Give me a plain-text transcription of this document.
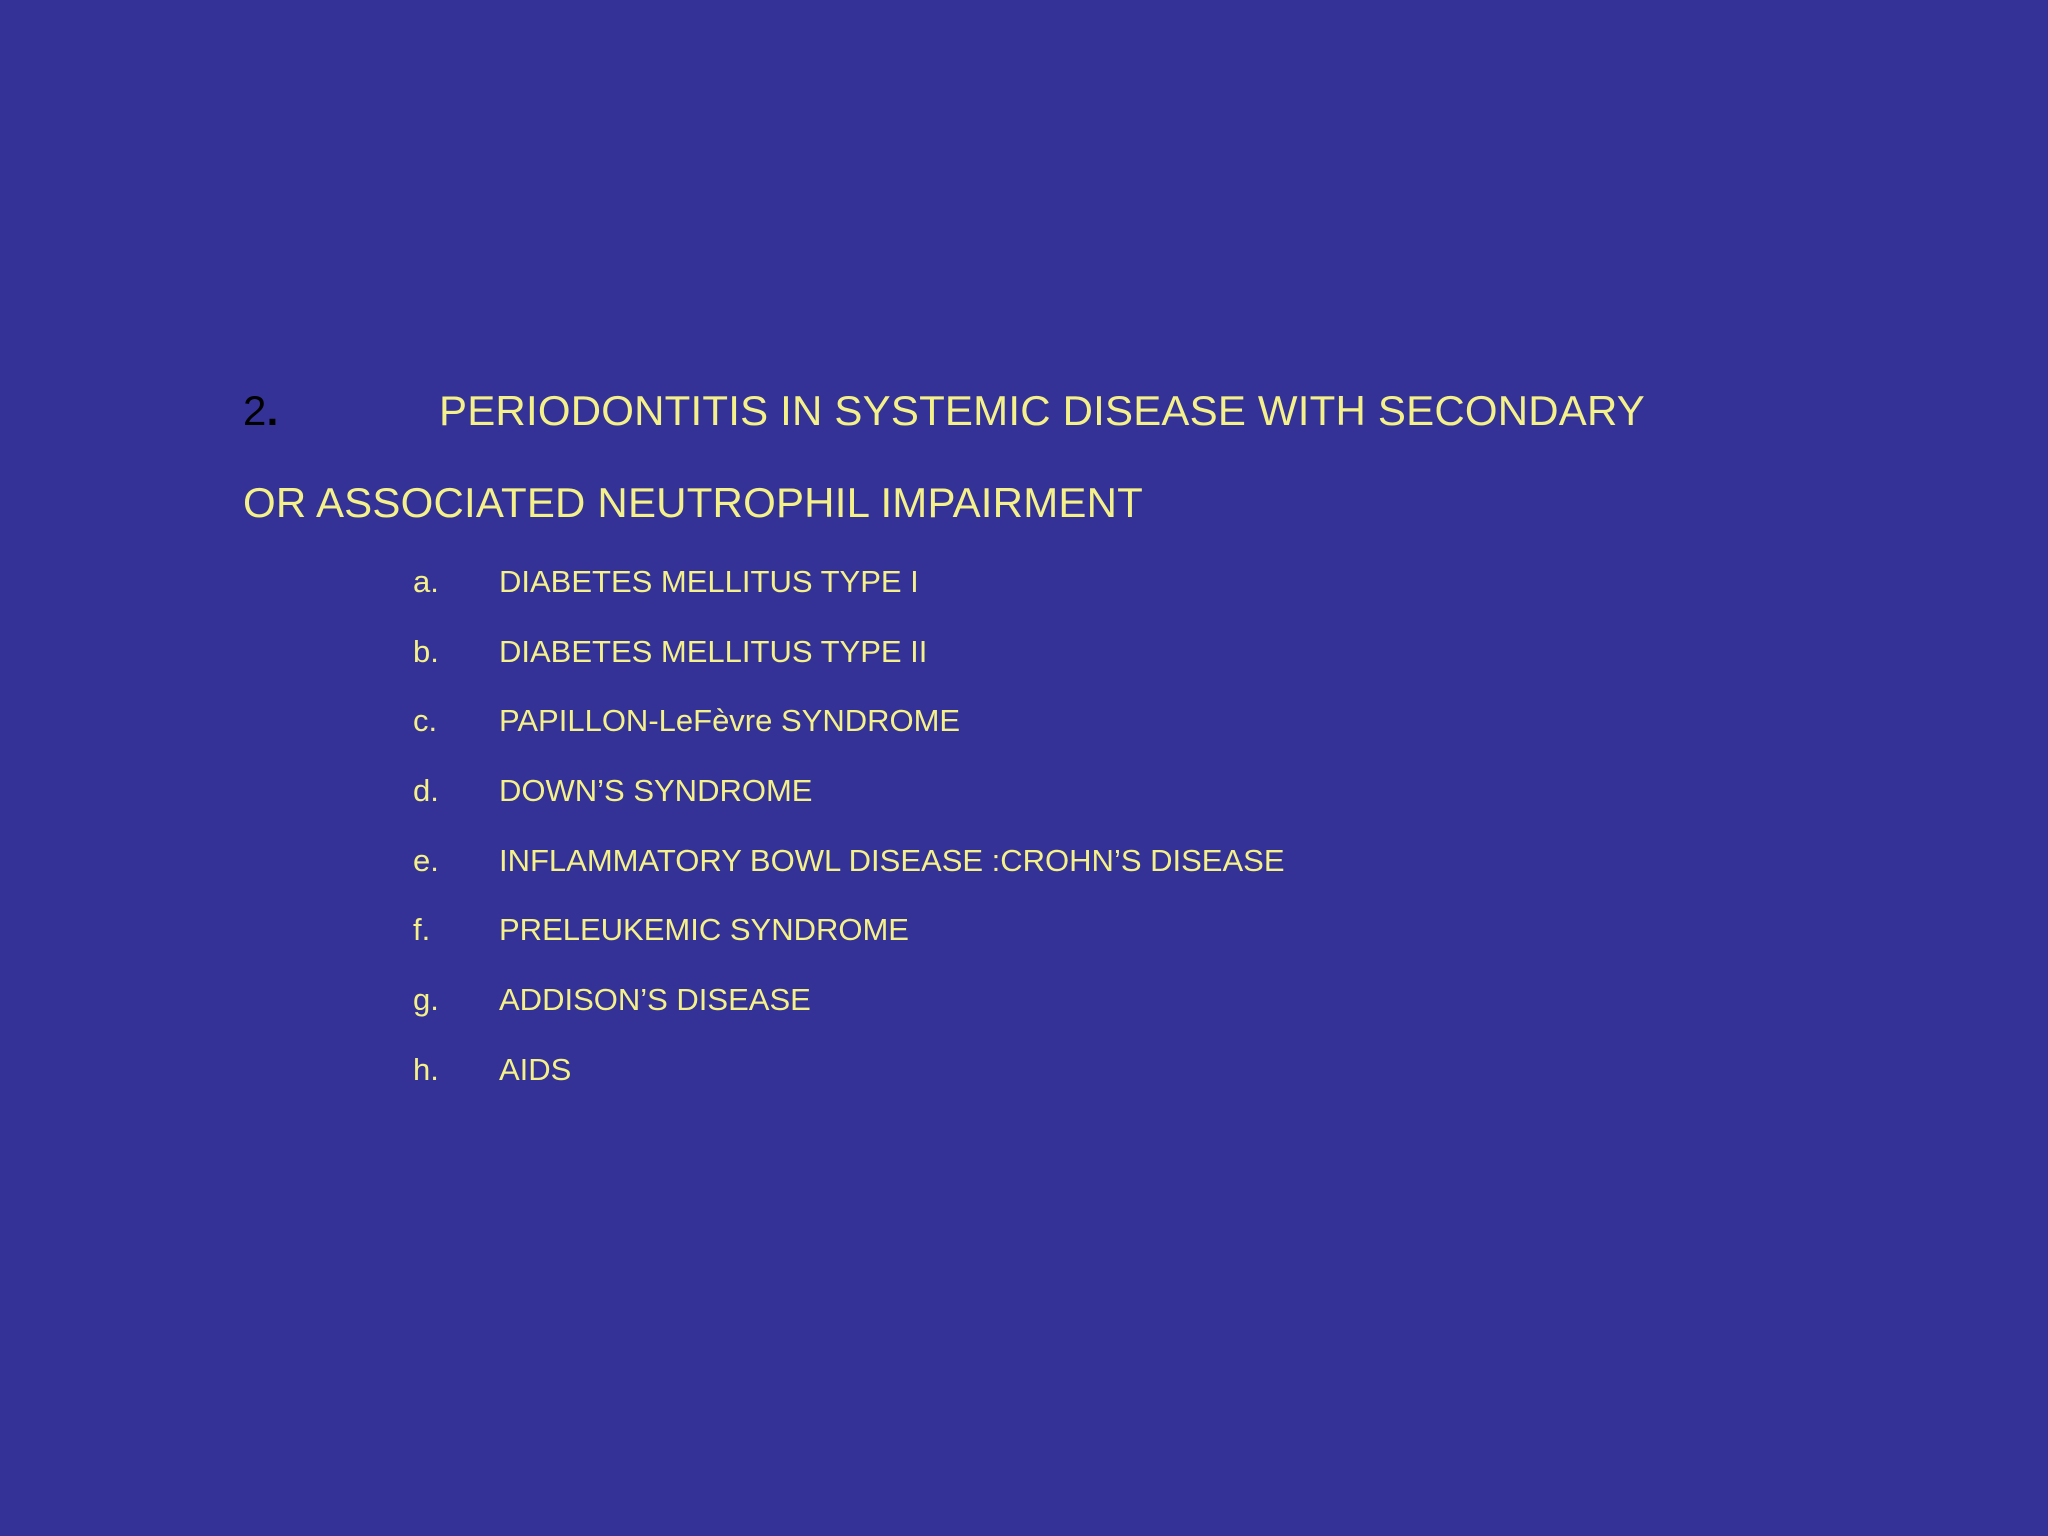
2.	PERIODONTITIS IN SYSTEMIC DISEASE WITH SECONDARY
OR ASSOCIATED NEUTROPHIL IMPAIRMENT
a. DIABETES MELLITUS TYPE I
b. DIABETES MELLITUS TYPE II
c. PAPILLON-LeFèvre SYNDROME
d. DOWN’S SYNDROME
e. INFLAMMATORY BOWL DISEASE :CROHN’S DISEASE
f. PRELEUKEMIC SYNDROME
g. ADDISON’S DISEASE
h. AIDS
